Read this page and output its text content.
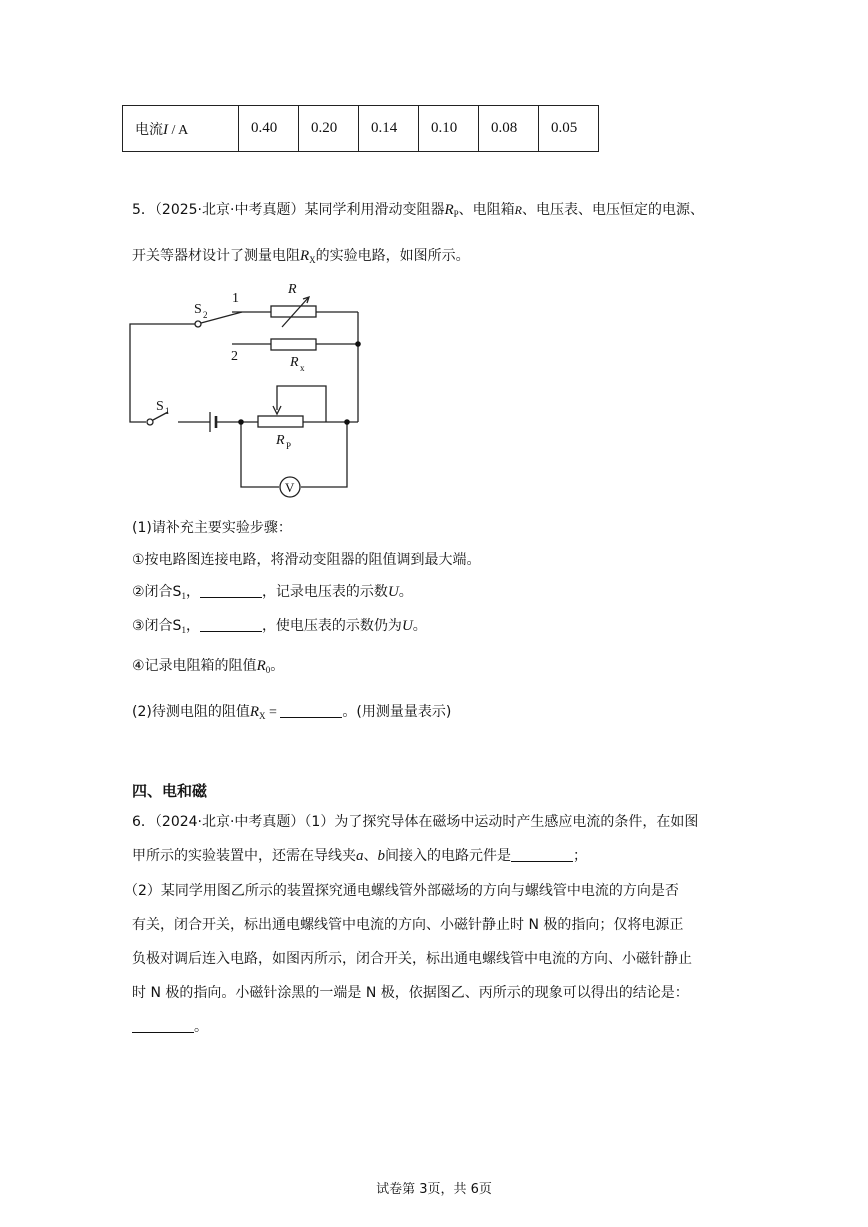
电流I / A	0.40	0.20	0.14	0.10	0.08	0.05
5．（2025·北京·中考真题）某同学利用滑动变阻器$R_P$、电阻箱R、电压表、电压恒定的电源、
开关等器材设计了测量电阻$R_X$的实验电路，如图所示。
S 2
1
2
R
R x
S 1
R P
V
(1)请补充主要实验步骤：
①按电路图连接电路，将滑动变阻器的阻值调到最大端。
②闭合$S_1$，	，记录电压表的示数U。
③闭合$S_1$，	，使电压表的示数仍为U。
④记录电阻箱的阻值$R_0$。
(2)待测电阻的阻值$R_X$ =	。(用测量量表示)
四、电和磁
6．（2024·北京·中考真题）（1）为了探究导体在磁场中运动时产生感应电流的条件，在如图
甲所示的实验装置中，还需在导线夹a、b间接入的电路元件是	；
（2）某同学用图乙所示的装置探究通电螺线管外部磁场的方向与螺线管中电流的方向是否
有关，闭合开关，标出通电螺线管中电流的方向、小磁针静止时 N 极的指向；仅将电源正
负极对调后连入电路，如图丙所示，闭合开关，标出通电螺线管中电流的方向、小磁针静止
时 N 极的指向。小磁针涂黑的一端是 N 极，依据图乙、丙所示的现象可以得出的结论是：
。
试卷第 3页，共 6页
